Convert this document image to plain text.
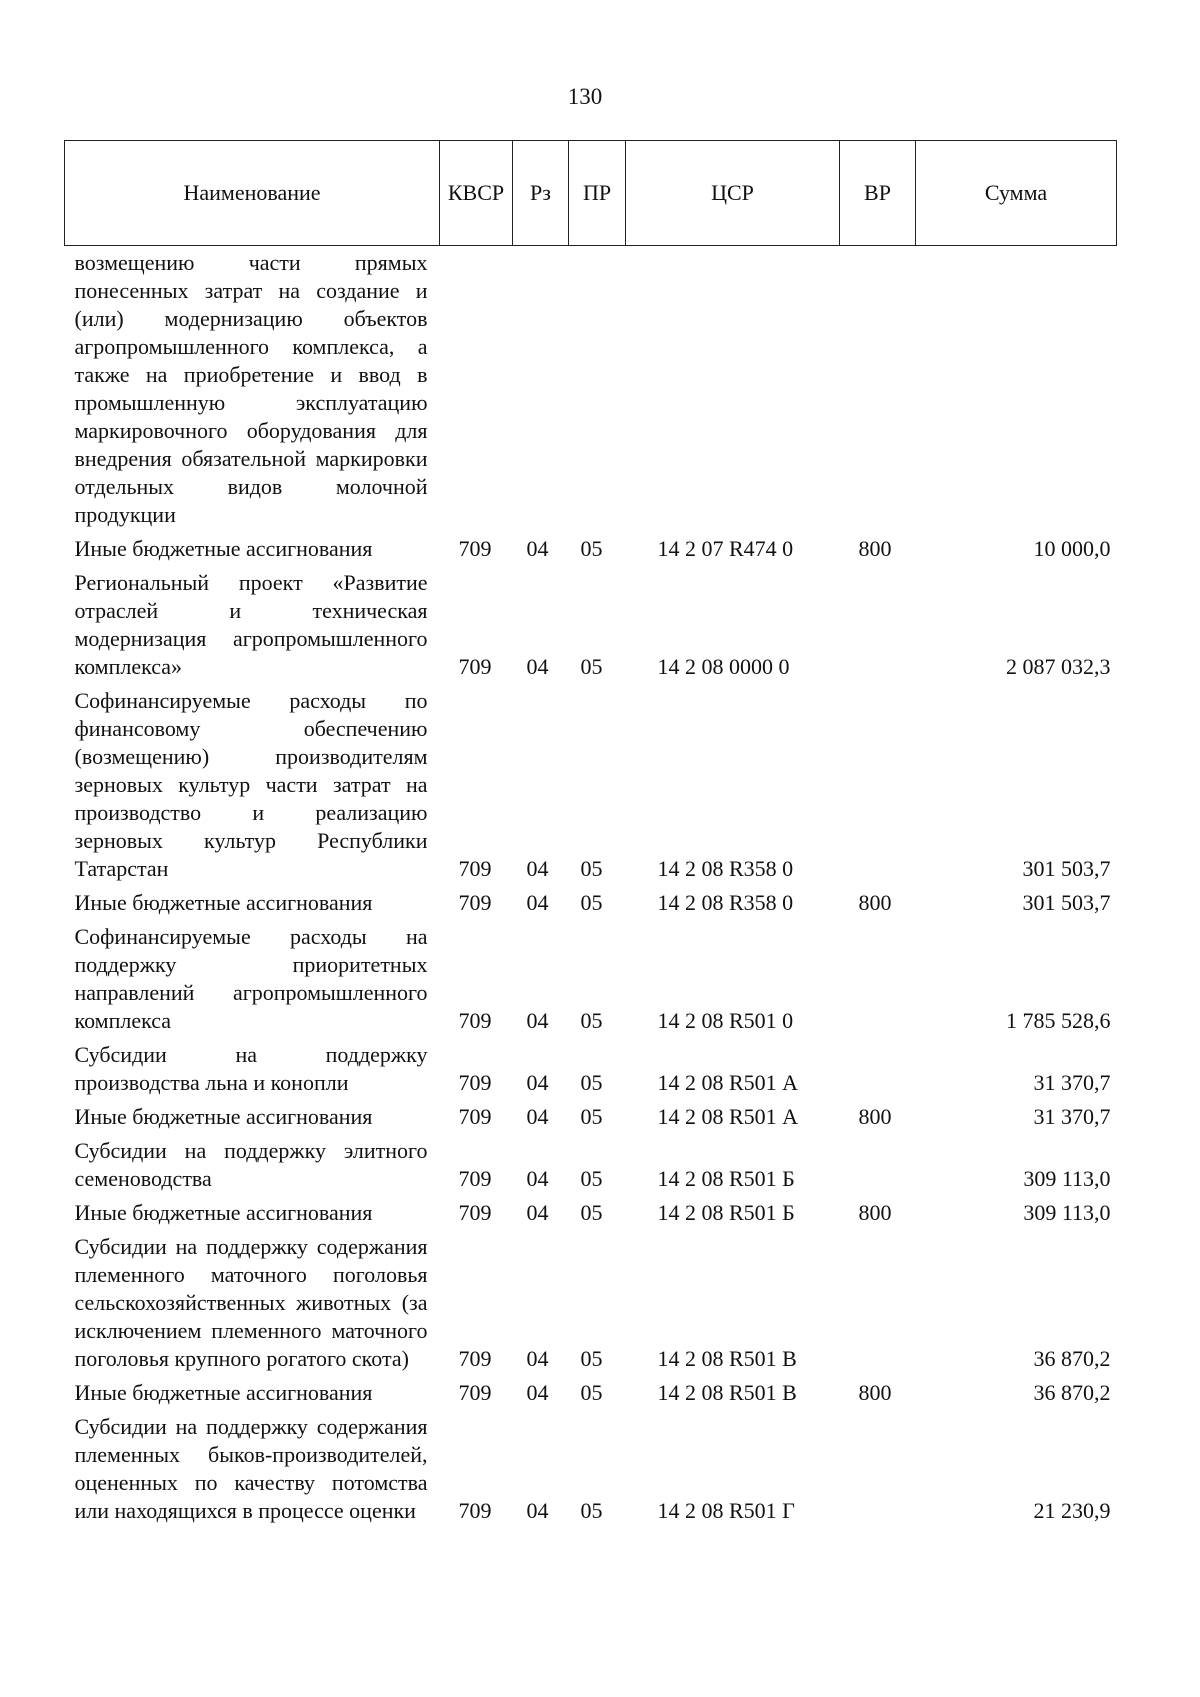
130
Наименование	КВСР	Рз	ПР	ЦСР	ВР	Сумма
возмещению части прямых понесенных затрат на создание и (или) модернизацию объектов агропромышленного комплекса, а также на приобретение и ввод в промышленную эксплуатацию маркировочного оборудования для внедрения обязательной маркировки отдельных видов молочной продукции						
Иные бюджетные ассигнования	709	04	05	14 2 07 R474 0	800	10 000,0
Региональный проект «Развитие отраслей и техническая модернизация агропромышленного комплекса»	709	04	05	14 2 08 0000 0		2 087 032,3
Софинансируемые расходы по финансовому обеспечению (возмещению) производителям зерновых культур части затрат на производство и реализацию зерновых культур Республики Татарстан	709	04	05	14 2 08 R358 0		301 503,7
Иные бюджетные ассигнования	709	04	05	14 2 08 R358 0	800	301 503,7
Софинансируемые расходы на поддержку приоритетных направлений агропромышленного комплекса	709	04	05	14 2 08 R501 0		1 785 528,6
Субсидии на поддержку производства льна и конопли	709	04	05	14 2 08 R501 А		31 370,7
Иные бюджетные ассигнования	709	04	05	14 2 08 R501 А	800	31 370,7
Субсидии на поддержку элитного семеноводства	709	04	05	14 2 08 R501 Б		309 113,0
Иные бюджетные ассигнования	709	04	05	14 2 08 R501 Б	800	309 113,0
Субсидии на поддержку содержания племенного маточного поголовья сельскохозяйственных животных (за исключением племенного маточного поголовья крупного рогатого скота)	709	04	05	14 2 08 R501 В		36 870,2
Иные бюджетные ассигнования	709	04	05	14 2 08 R501 В	800	36 870,2
Субсидии на поддержку содержания племенных быков-производителей, оцененных по качеству потомства или находящихся в процессе оценки	709	04	05	14 2 08 R501 Г		21 230,9
